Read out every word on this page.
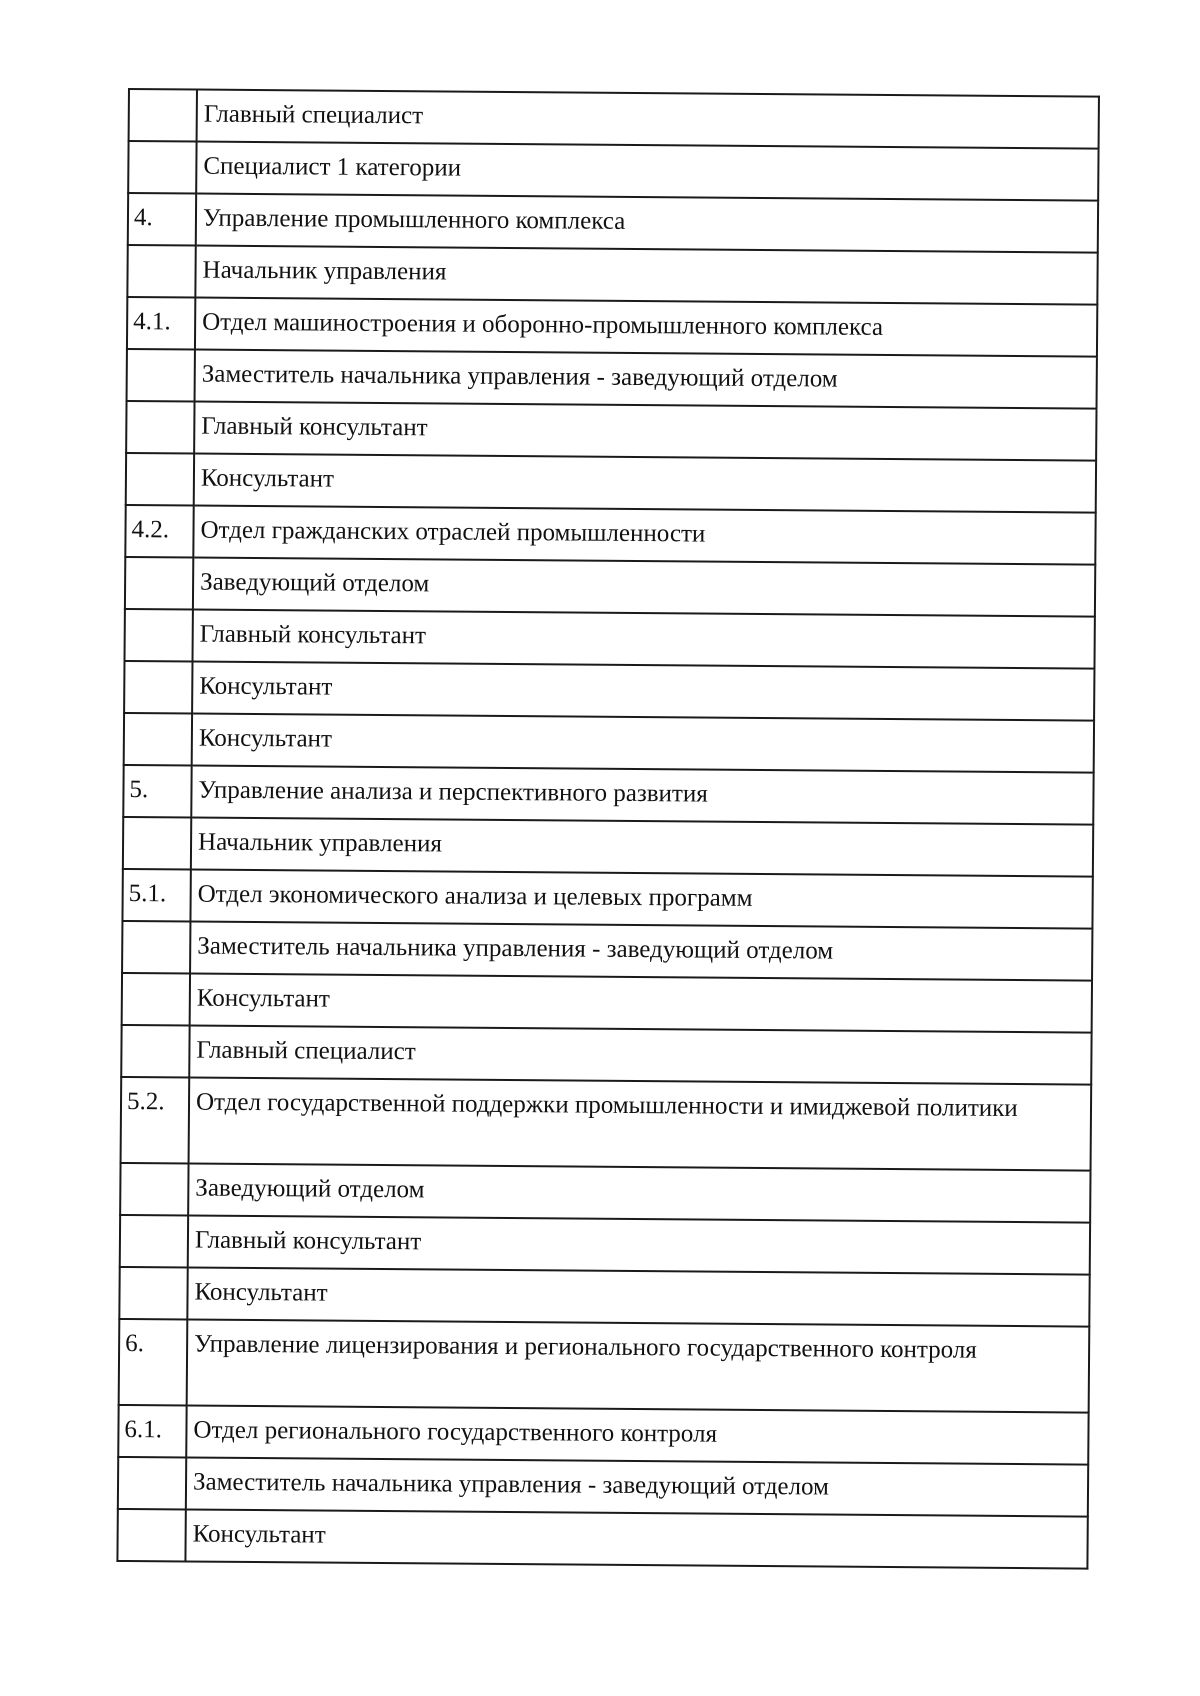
	Главный специалист
	Специалист 1 категории
4.	Управление промышленного комплекса
	Начальник управления
4.1.	Отдел машиностроения и оборонно-промышленного комплекса
	Заместитель начальника управления - заведующий отделом
	Главный консультант
	Консультант
4.2.	Отдел гражданских отраслей промышленности
	Заведующий отделом
	Главный консультант
	Консультант
	Консультант
5.	Управление анализа и перспективного развития
	Начальник управления
5.1.	Отдел экономического анализа и целевых программ
	Заместитель начальника управления - заведующий отделом
	Консультант
	Главный специалист
5.2.	Отдел государственной поддержки промышленности и имиджевой политики
	Заведующий отделом
	Главный консультант
	Консультант
6.	Управление лицензирования и регионального государственного контроля
6.1.	Отдел регионального государственного контроля
	Заместитель начальника управления - заведующий отделом
	Консультант
